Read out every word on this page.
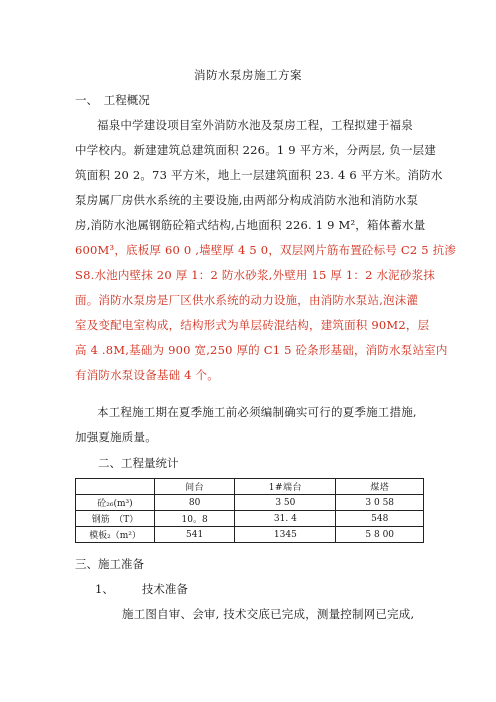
消防水泵房施工方案
一、　工程概况
福泉中学建设项目室外消防水池及泵房工程，工程拟建于福泉
中学校内。新建建筑总建筑面积 226。1 9 平方米，分两层, 负一层建
筑面积 20 2。73 平方米，地上一层建筑面积 23. 4 6 平方米。消防水
泵房属厂房供水系统的主要设施,由两部分构成消防水池和消防水泵
房,消防水池属钢筋砼箱式结构,占地面积 226. 1 9 M²，箱体蓄水量
600M³，底板厚 60 0 ,墙壁厚 4 5 0，双层网片筋布置砼标号 C2 5 抗渗
S8.水池内壁抹 20 厚 1：2 防水砂浆,外壁用 15 厚 1：2 水泥砂浆抹
面。消防水泵房是厂区供水系统的动力设施，由消防水泵站,泡沫灌
室及变配电室构成，结构形式为单层砖混结构，建筑面积 90M2，层
高 4 .8M,基础为 900 宽,250 厚的 C1 5 砼条形基础，消防水泵站室内
有消防水泵设备基础 4 个。
本工程施工期在夏季施工前必须编制确实可行的夏季施工措施,
加强夏施质量。
二、工程量统计
	间台	1#端台	煤塔
砼₂₆(m³)	80	3 50	3 0 58
钢筋　（T）	10。8	31. 4	548
模板₂（m²）	541	1345	5 8 00
三、施工准备
1、 技术准备
施工图自审、会审, 技术交底已完成，测量控制网已完成,
